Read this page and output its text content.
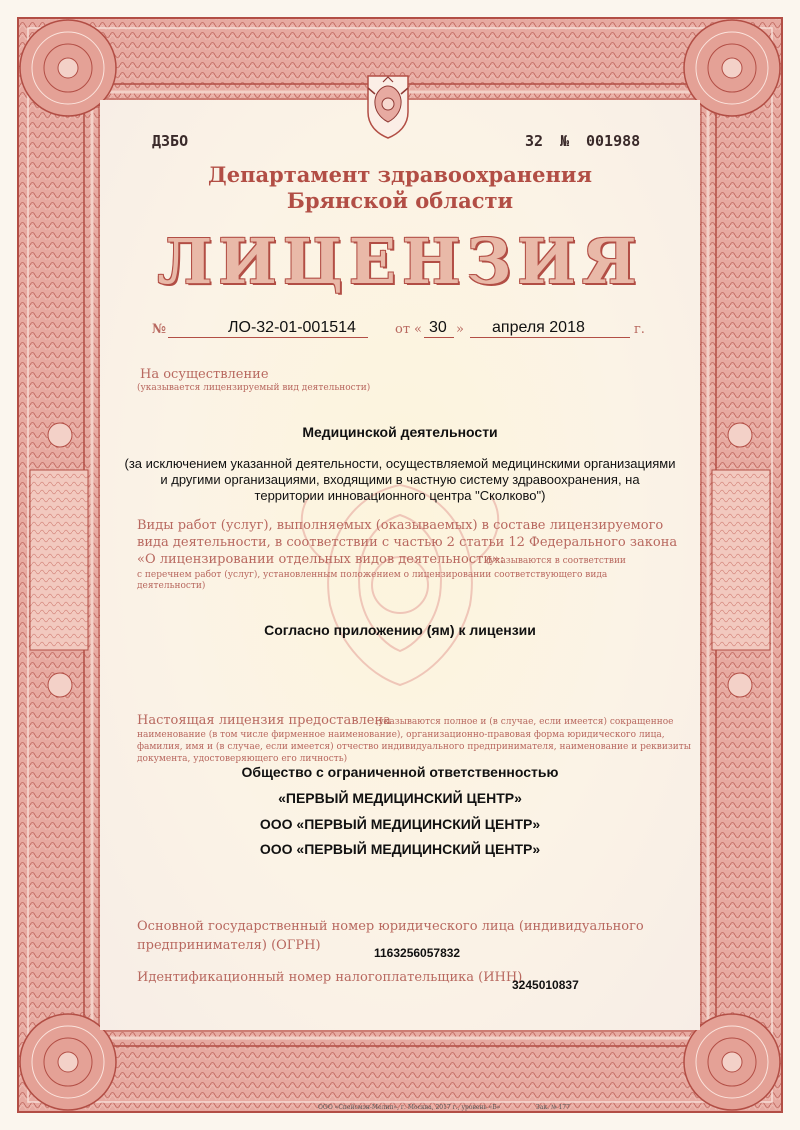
ДЗБО	32 № 001988
Департамент здравоохранения
Брянской области
ЛИЦЕНЗИЯ
№	ЛО-32-01-001514	от « 30 » апреля 2018	г.
На осуществление
(указывается лицензируемый вид деятельности)
Медицинской деятельности
(за исключением указанной деятельности, осуществляемой медицинскими организациями
и другими организациями, входящими в частную систему здравоохранения, на
территории инновационного центра "Сколково")
Виды работ (услуг), выполняемых (оказываемых) в составе лицензируемого
вида деятельности, в соответствии с частью 2 статьи 12 Федерального закона
«О лицензировании отдельных видов деятельности»:
(указываются в соответствии
с перечнем работ (услуг), установленным положением о лицензировании соответствующего вида
деятельности)
Согласно приложению (ям) к лицензии
Настоящая лицензия предоставлена
(указываются полное и (в случае, если имеется) сокращенное
наименование (в том числе фирменное наименование), организационно-правовая форма юридического лица,
фамилия, имя и (в случае, если имеется) отчество индивидуального предпринимателя, наименование и реквизиты
документа, удостоверяющего его личность)
Общество с ограниченной ответственностью
«ПЕРВЫЙ МЕДИЦИНСКИЙ ЦЕНТР»
ООО «ПЕРВЫЙ МЕДИЦИНСКИЙ ЦЕНТР»
ООО «ПЕРВЫЙ МЕДИЦИНСКИЙ ЦЕНТР»
Основной государственный номер юридического лица (индивидуального
предпринимателя) (ОГРН)	1163256057832
Идентификационный номер налогоплательщика (ИНН)
3245010837
ООО «Спейсмэн-Мелип», г. Москва, 2017 г., уровень «Б»	Зак. № 177
